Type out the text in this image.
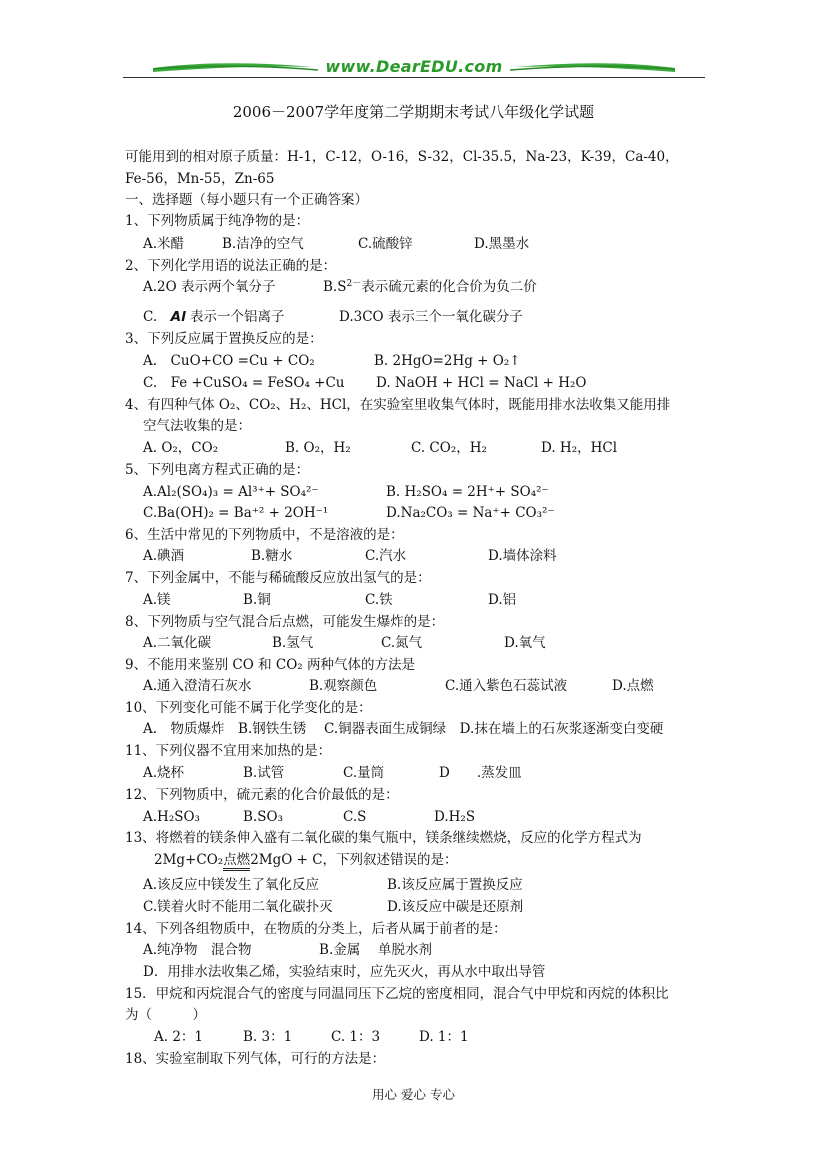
www.DearEDU.com
2006－2007学年度第二学期期末考试八年级化学试题
可能用到的相对原子质量：H-1，C-12，O-16，S-32，Cl-35.5，Na-23，K-39，Ca-40，
Fe-56，Mn-55，Zn-65
一、选择题（每小题只有一个正确答案）
1、下列物质属于纯净物的是：
A.米醋	B.洁净的空气	C.硫酸锌	D.黑墨水
2、下列化学用语的说法正确的是：
A.2O 表示两个氧分子	$B.S^{2-}$表示硫元素的化合价为负二价
C.　 Al 表示一个铝离子	D.3CO 表示三个一氧化碳分子
3、下列反应属于置换反应的是：
A.　CuO+CO =Cu + CO₂	B. 2HgO=2Hg + O₂↑
C.　Fe +CuSO₄ = FeSO₄ +Cu D. NaOH + HCl = NaCl + H₂O
4、有四种气体 O₂、CO₂、H₂、HCl，在实验室里收集气体时，既能用排水法收集又能用排
空气法收集的是：
A. O₂，CO₂	B. O₂，H₂	C. CO₂，H₂	D. H₂，HCl
5、下列电离方程式正确的是：
A.Al₂(SO₄)₃ = Al³⁺+ SO₄²⁻	B. H₂SO₄ = 2H⁺+ SO₄²⁻
C.Ba(OH)₂ = Ba⁺² + 2OH⁻¹	D.Na₂CO₃ = Na⁺+ CO₃²⁻
6、生活中常见的下列物质中，不是溶液的是：
A.碘酒	B.糖水	C.汽水	D.墙体涂料
7、下列金属中，不能与稀硫酸反应放出氢气的是：
A.镁	B.铜	C.铁	D.铝
8、下列物质与空气混合后点燃，可能发生爆炸的是：
A.二氧化碳	B.氢气	C.氮气	D.氧气
9、不能用来鉴别 CO 和 CO₂ 两种气体的方法是
A.通入澄清石灰水	B.观察颜色	C.通入紫色石蕊试液	D.点燃
10、下列变化可能不属于化学变化的是：
A.　物质爆炸　B.钢铁生锈　 C.铜器表面生成铜绿　D.抹在墙上的石灰浆逐渐变白变硬
11、下列仪器不宜用来加热的是：
A.烧杯	B.试管	C.量筒	D　　.蒸发皿
12、下列物质中，硫元素的化合价最低的是：
A.H₂SO₃	B.SO₃	C.S	D.H₂S
13、将燃着的镁条伸入盛有二氧化碳的集气瓶中，镁条继续燃烧，反应的化学方程式为
2Mg+CO₂点燃2MgO + C，下列叙述错误的是：
A.该反应中镁发生了氧化反应	B.该反应属于置换反应
C.镁着火时不能用二氧化碳扑灭	D.该反应中碳是还原剂
14、下列各组物质中，在物质的分类上，后者从属于前者的是：
A.纯净物　混合物　　　　　B.金属　 单脱水剂
D．用排水法收集乙烯，实验结束时，应先灭火，再从水中取出导管
15．甲烷和丙烷混合气的密度与同温同压下乙烷的密度相同，混合气中甲烷和丙烷的体积比
为（　　　）
A. 2：1	B. 3：1	C. 1：3	D. 1：1
18、实验室制取下列气体，可行的方法是：
用心 爱心 专心
